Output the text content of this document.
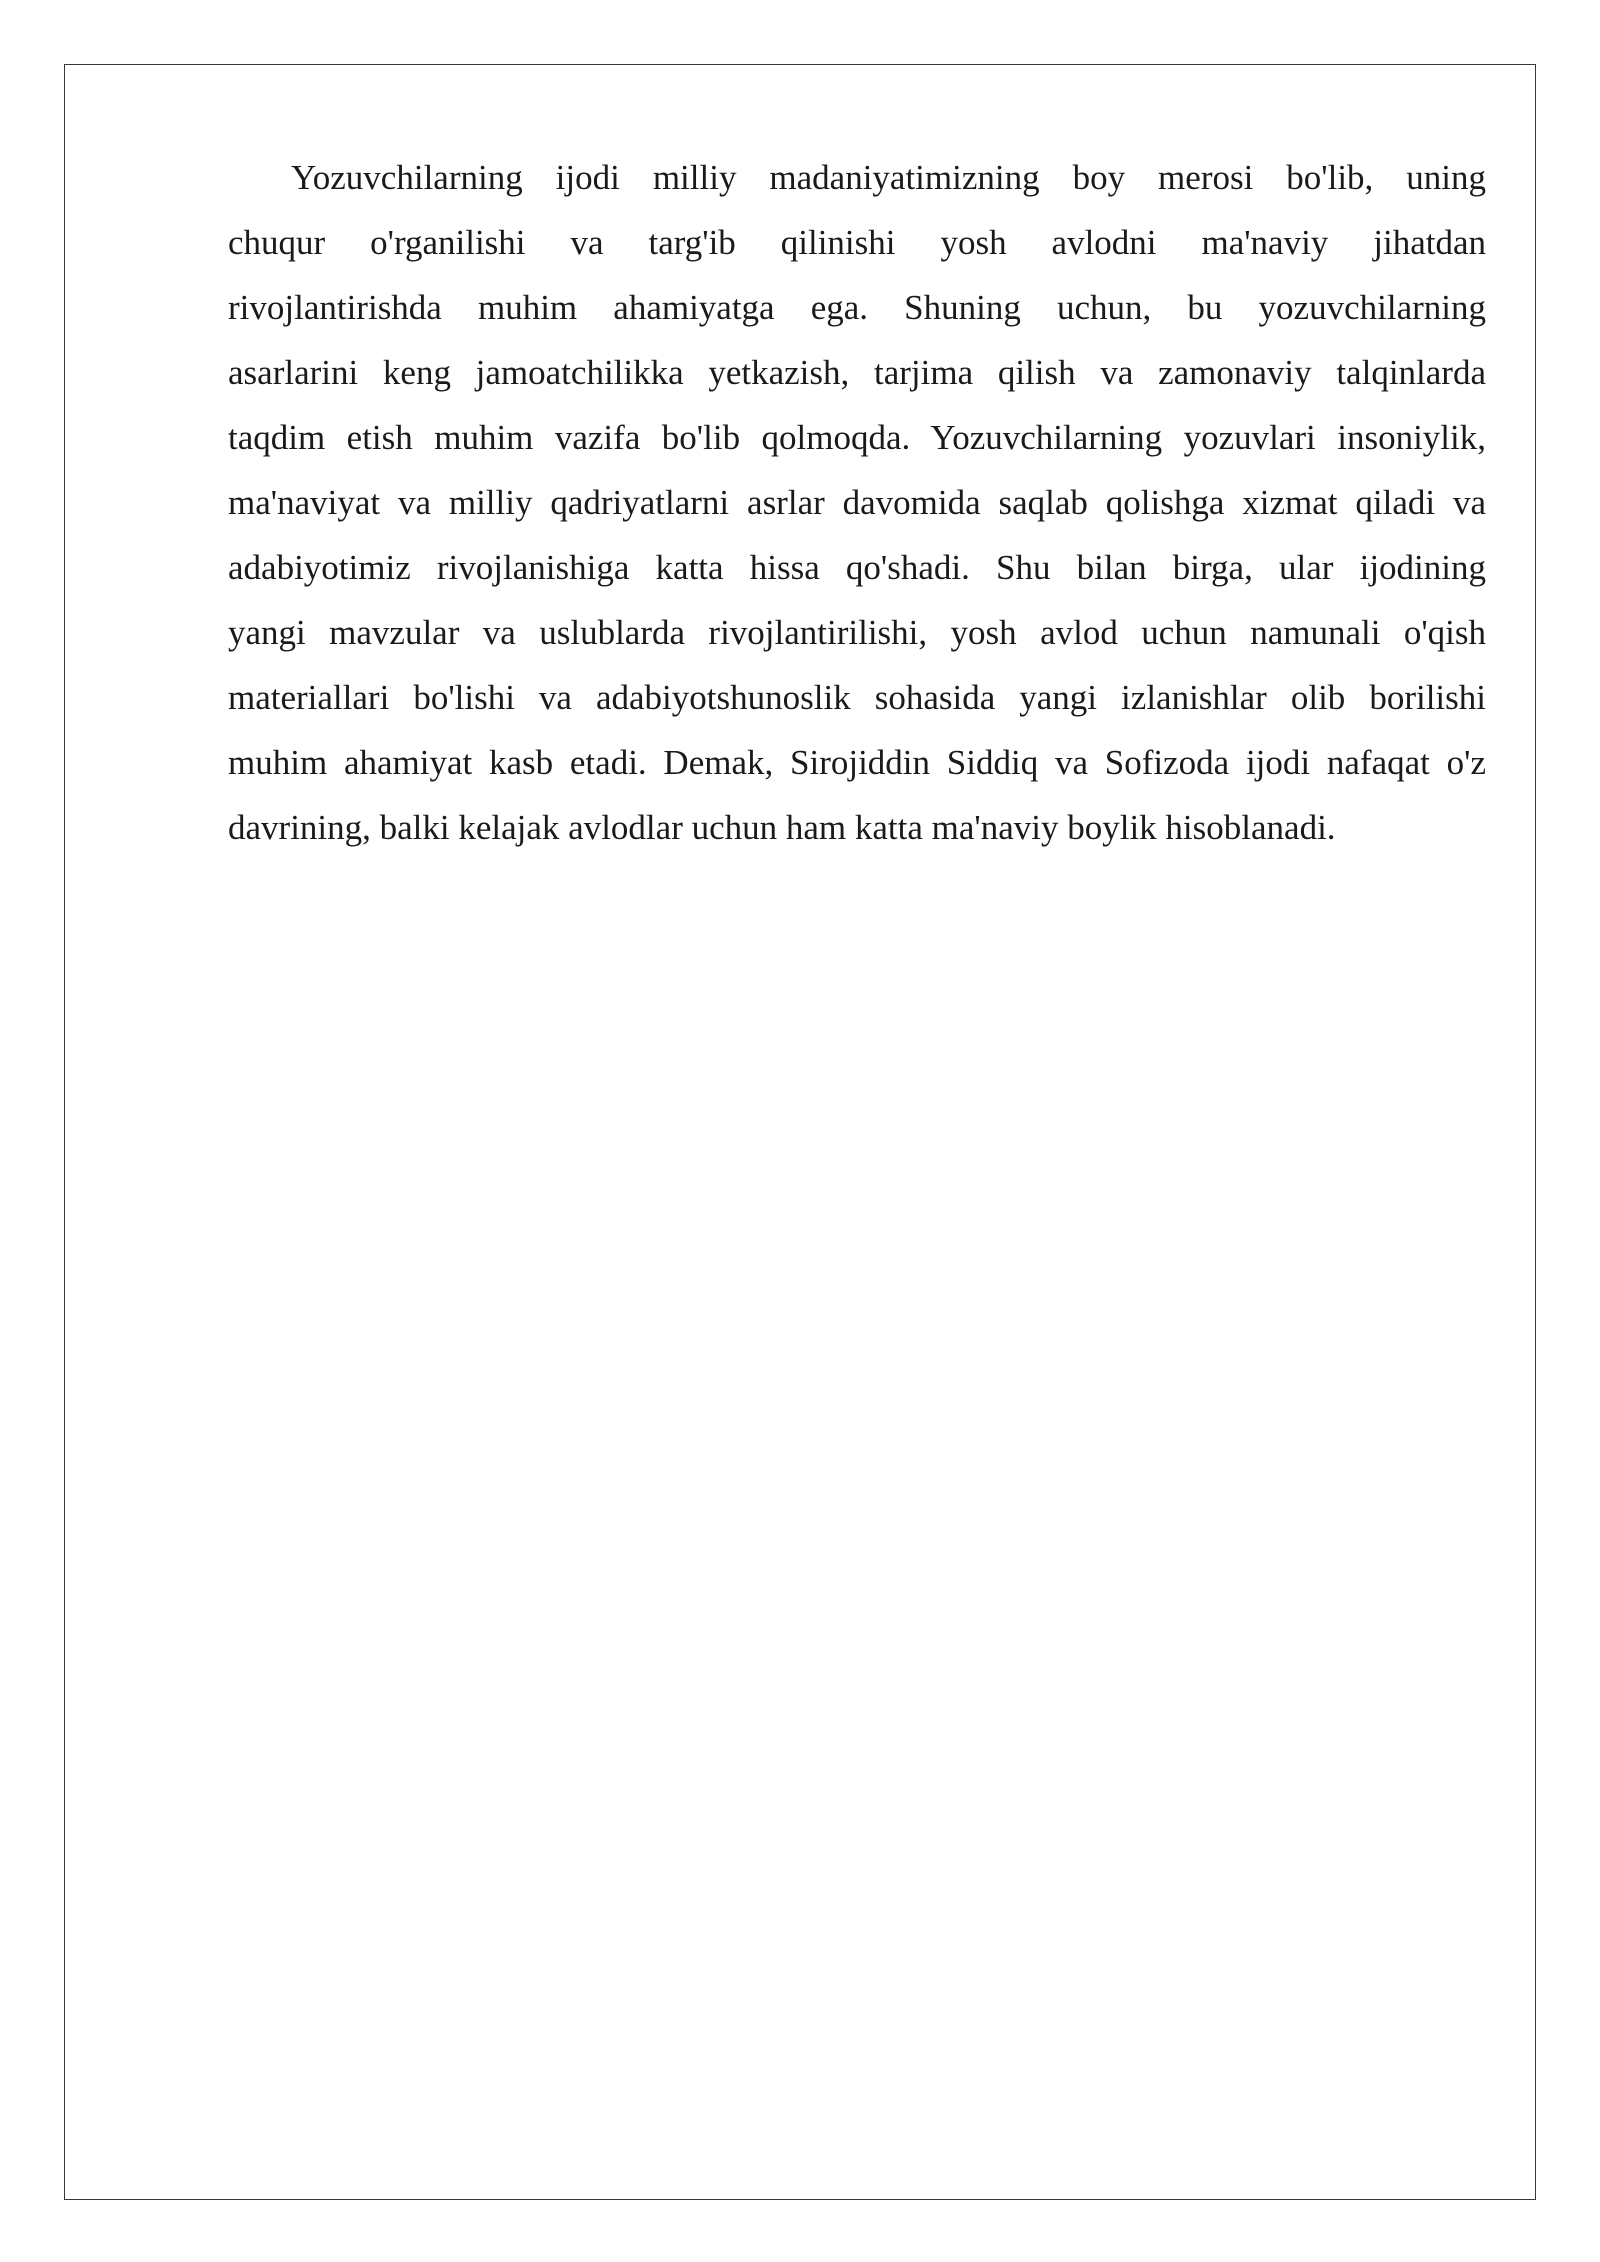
Yozuvchilarning ijodi milliy madaniyatimizning boy merosi bo'lib, uning
chuqur o'rganilishi va targ'ib qilinishi yosh avlodni ma'naviy jihatdan
rivojlantirishda muhim ahamiyatga ega. Shuning uchun, bu yozuvchilarning
asarlarini keng jamoatchilikka yetkazish, tarjima qilish va zamonaviy talqinlarda
taqdim etish muhim vazifa bo'lib qolmoqda. Yozuvchilarning yozuvlari insoniylik,
ma'naviyat va milliy qadriyatlarni asrlar davomida saqlab qolishga xizmat qiladi va
adabiyotimiz rivojlanishiga katta hissa qo'shadi. Shu bilan birga, ular ijodining
yangi mavzular va uslublarda rivojlantirilishi, yosh avlod uchun namunali o'qish
materiallari bo'lishi va adabiyotshunoslik sohasida yangi izlanishlar olib borilishi
muhim ahamiyat kasb etadi. Demak, Sirojiddin Siddiq va Sofizoda ijodi nafaqat o'z
davrining, balki kelajak avlodlar uchun ham katta ma'naviy boylik hisoblanadi.
